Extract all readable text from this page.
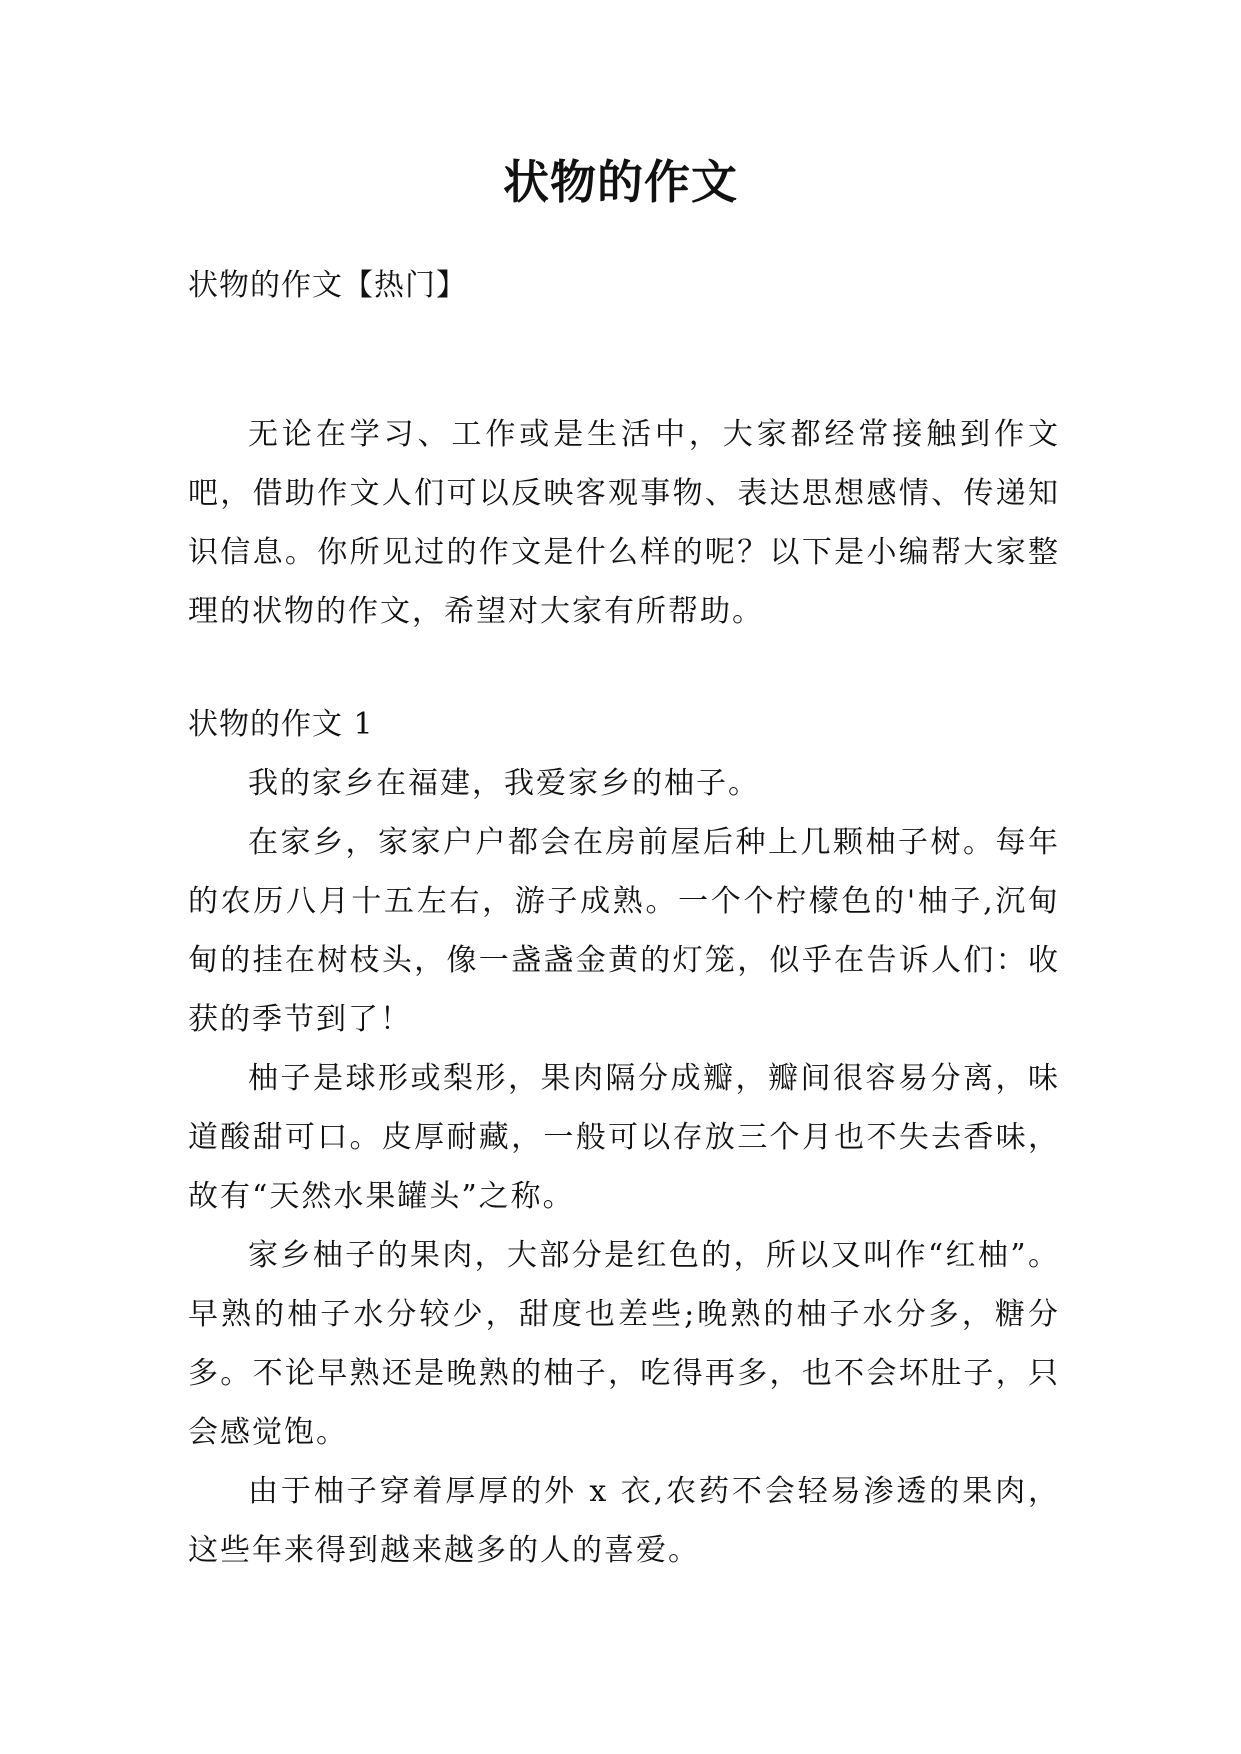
状物的作文
状物的作文【热门】

无论在学习、工作或是生活中，大家都经常接触到作文吧，借助作文人们可以反映客观事物、表达思想感情、传递知识信息。你所见过的作文是什么样的呢？以下是小编帮大家整理的状物的作文，希望对大家有所帮助。

状物的作文 1

我的家乡在福建，我爱家乡的柚子。

在家乡，家家户户都会在房前屋后种上几颗柚子树。每年的农历八月十五左右，游子成熟。一个个柠檬色的'柚子,沉甸甸的挂在树枝头，像一盏盏金黄的灯笼，似乎在告诉人们：收获的季节到了！

柚子是球形或梨形，果肉隔分成瓣，瓣间很容易分离，味道酸甜可口。皮厚耐藏，一般可以存放三个月也不失去香味，故有“天然水果罐头”之称。

家乡柚子的果肉，大部分是红色的，所以又叫作“红柚”。早熟的柚子水分较少，甜度也差些;晚熟的柚子水分多，糖分多。不论早熟还是晚熟的柚子，吃得再多，也不会坏肚子，只会感觉饱。

由于柚子穿着厚厚的外 x 衣,农药不会轻易渗透的果肉，这些年来得到越来越多的人的喜爱。
